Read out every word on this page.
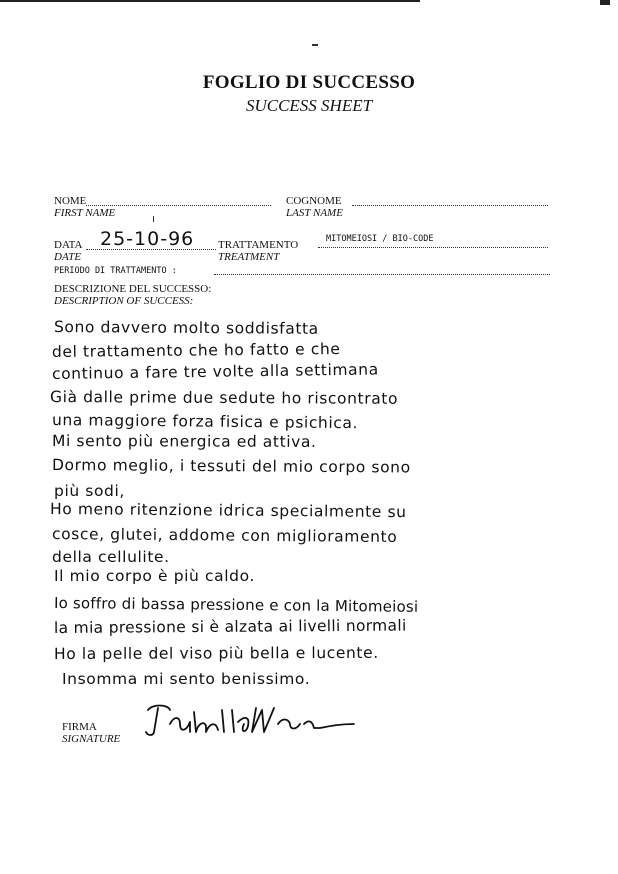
FOGLIO DI SUCCESSO
SUCCESS SHEET
NOME
FIRST NAME
COGNOME
LAST NAME
DATA 25-10-96
DATE
TRATTAMENTO	MITOMEIOSI / BIO-CODE
TREATMENT
PERIODO DI TRATTAMENTO :
DESCRIZIONE DEL SUCCESSO:
DESCRIPTION OF SUCCESS:
Sono davvero molto soddisfatta
del trattamento che ho fatto e che
continuo a fare tre volte alla settimana
Già dalle prime due sedute ho riscontrato
una maggiore forza fisica e psichica.
Mi sento più energica ed attiva.
Dormo meglio, i tessuti del mio corpo sono
più sodi,
Ho meno ritenzione idrica specialmente su
cosce, glutei, addome con miglioramento
della cellulite.
Il mio corpo è più caldo.
Io soffro di bassa pressione e con la Mitomeiosi
la mia pressione si è alzata ai livelli normali
Ho la pelle del viso più bella e lucente.
Insomma mi sento benissimo.
FIRMA
SIGNATURE
